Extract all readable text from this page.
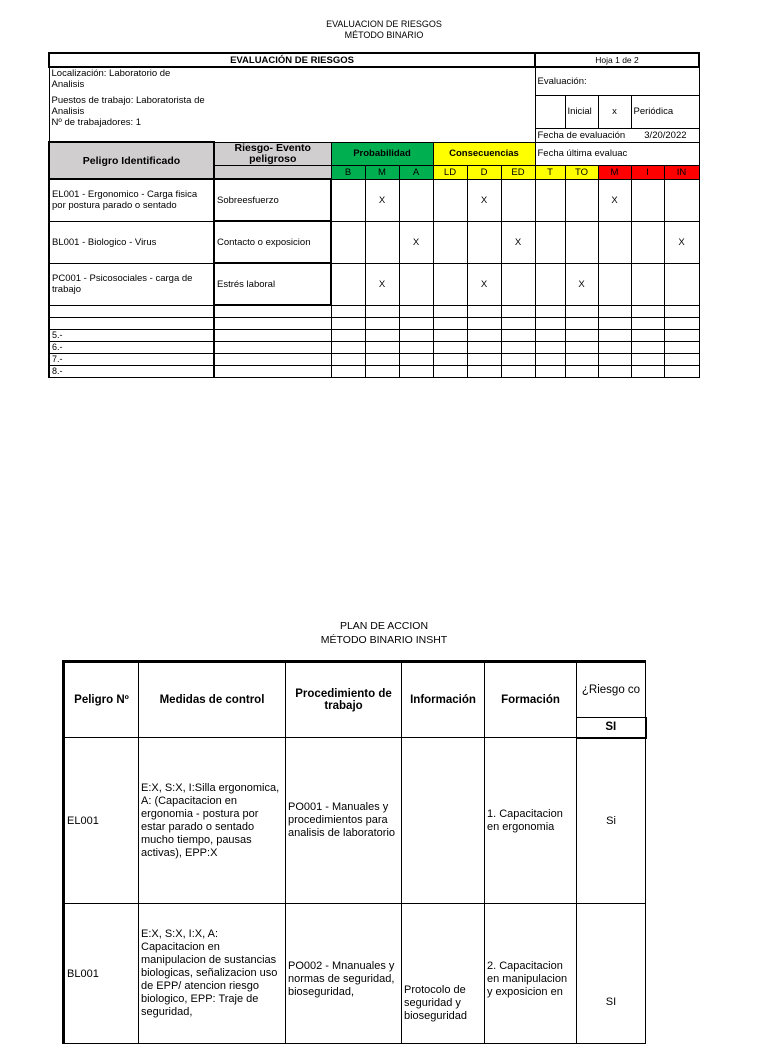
EVALUACION DE RIESGOS
MÉTODO BINARIO
EVALUACIÓN DE RIESGOS								Hoja 1 de 2				

Localización: Laboratorio de Analisis								Evaluación:				

Puestos de trabajo: Laboratorista de Analisis
Nº de trabajadores: 1									Inicial	x	Periódica	
								Fecha de evaluación 3/20/2022				

Peligro Identificado	Riesgo- Evento peligroso	Probabilidad			Consecuencias			Fecha última evaluac				

		B	M	A	LD	D	ED	T	TO	M	I	IN
EL001 - Ergonomico - Carga fisica por postura parado o sentado	Sobreesfuerzo		X			X				X		
BL001 - Biologico - Virus	Contacto o exposicion			X			X					X
PC001 - Psicosociales - carga de trabajo	Estrés laboral		X			X			X			

5.-												
6.-												
7.-												
8.-												
PLAN DE ACCION
MÉTODO BINARIO INSHT
Peligro Nº	Medidas de control	Procedimiento de trabajo	Información	Formación	¿Riesgo co
					SI
EL001	E:X, S:X, I:Silla ergonomica, A: (Capacitacion en ergonomia - postura por estar parado o sentado mucho tiempo, pausas activas), EPP:X	PO001 - Manuales y procedimientos para analisis de laboratorio		1. Capacitacion en ergonomia	Si
BL001	E:X, S:X, I:X, A: Capacitacion en manipulacion de sustancias biologicas, señalizacion uso de EPP/ atencion riesgo biologico, EPP: Traje de seguridad,	PO002 - Mnanuales y normas de seguridad, bioseguridad,	Protocolo de seguridad y bioseguridad	2. Capacitacion en manipulacion y exposicion en	SI
